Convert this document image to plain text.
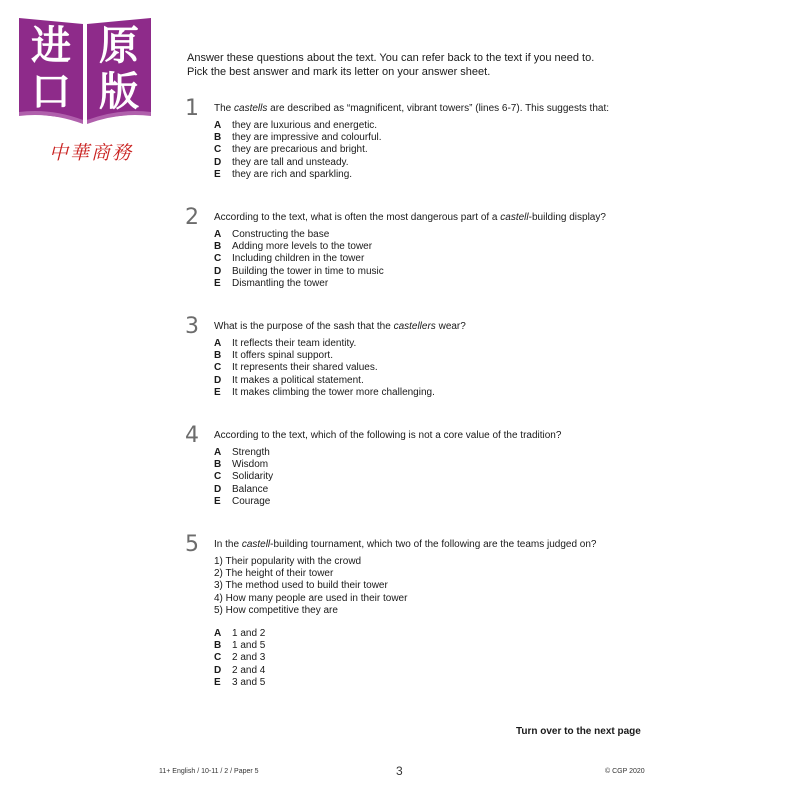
进 原
口 版
中華商務
Answer these questions about the text. You can refer back to the text if you need to.
Pick the best answer and mark its letter on your answer sheet.
1 The castells are described as “magnificent, vibrant towers” (lines 6-7). This suggests that:
A they are luxurious and energetic.
B they are impressive and colourful.
C they are precarious and bright.
D they are tall and unsteady.
E they are rich and sparkling.
2 According to the text, what is often the most dangerous part of a castell-building display?
A Constructing the base
B Adding more levels to the tower
C Including children in the tower
D Building the tower in time to music
E Dismantling the tower
3 What is the purpose of the sash that the castellers wear?
A It reflects their team identity.
B It offers spinal support.
C It represents their shared values.
D It makes a political statement.
E It makes climbing the tower more challenging.
4 According to the text, which of the following is not a core value of the tradition?
A Strength
B Wisdom
C Solidarity
D Balance
E Courage
5 In the castell-building tournament, which two of the following are the teams judged on?
1) Their popularity with the crowd
2) The height of their tower
3) The method used to build their tower
4) How many people are used in their tower
5) How competitive they are
A 1 and 2
B 1 and 5
C 2 and 3
D 2 and 4
E 3 and 5
Turn over to the next page
11+ English / 10-11 / 2 / Paper 5	3	© CGP 2020
